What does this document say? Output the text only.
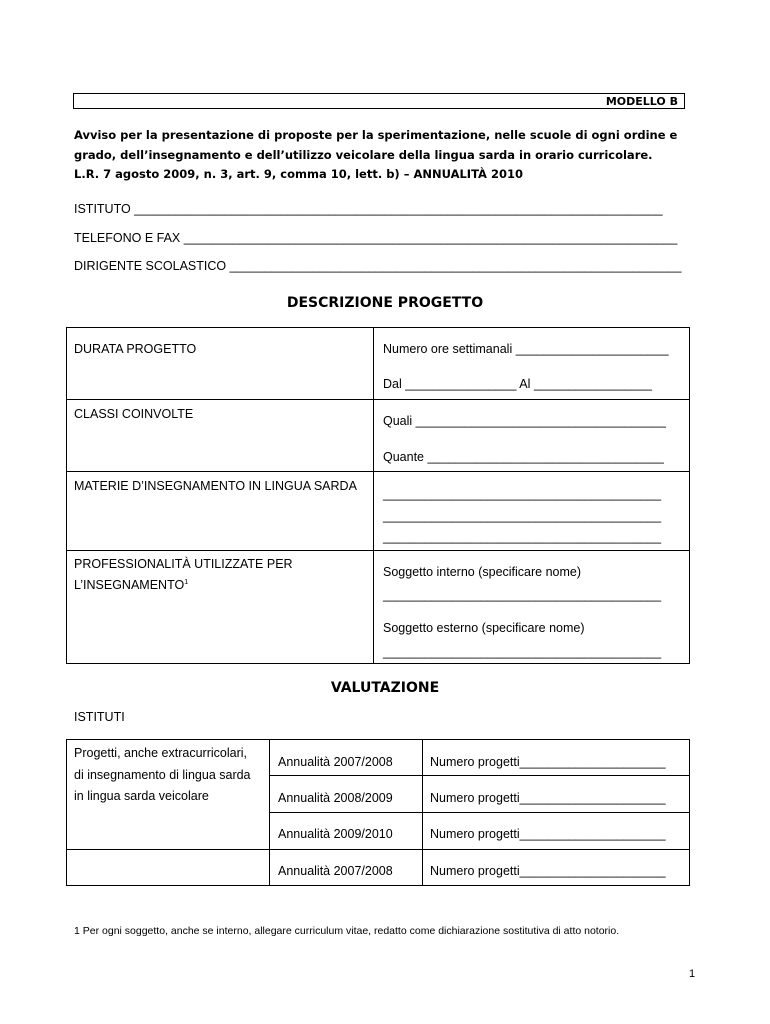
MODELLO B
Avviso per la presentazione di proposte per la sperimentazione, nelle scuole di ogni ordine e
grado, dell’insegnamento e dell’utilizzo veicolare della lingua sarda in orario curricolare.
L.R. 7 agosto 2009, n. 3, art. 9, comma 10, lett. b) – ANNUALITÀ 2010
ISTITUTO ____________________________________________________________________________
TELEFONO E FAX _______________________________________________________________________
DIRIGENTE SCOLASTICO _________________________________________________________________
DESCRIZIONE PROGETTO
DURATA PROGETTO	Numero ore settimanali ______________________
Dal ________________ Al _________________
CLASSI COINVOLTE	Quali ____________________________________
Quante __________________________________
MATERIE D’INSEGNAMENTO IN LINGUA SARDA
________________________________________
________________________________________
________________________________________
PROFESSIONALITÀ UTILIZZATE PER
L’INSEGNAMENTO$^1$
Soggetto interno (specificare nome)
________________________________________
Soggetto esterno (specificare nome)
________________________________________
VALUTAZIONE
ISTITUTI
Progetti, anche extracurricolari,
di insegnamento di lingua sarda
in lingua sarda veicolare
Annualità 2007/2008	Numero progetti_____________________
Annualità 2008/2009	Numero progetti_____________________
Annualità 2009/2010	Numero progetti_____________________
Annualità 2007/2008	Numero progetti_____________________
1 Per ogni soggetto, anche se interno, allegare curriculum vitae, redatto come dichiarazione sostitutiva di atto notorio.
1
